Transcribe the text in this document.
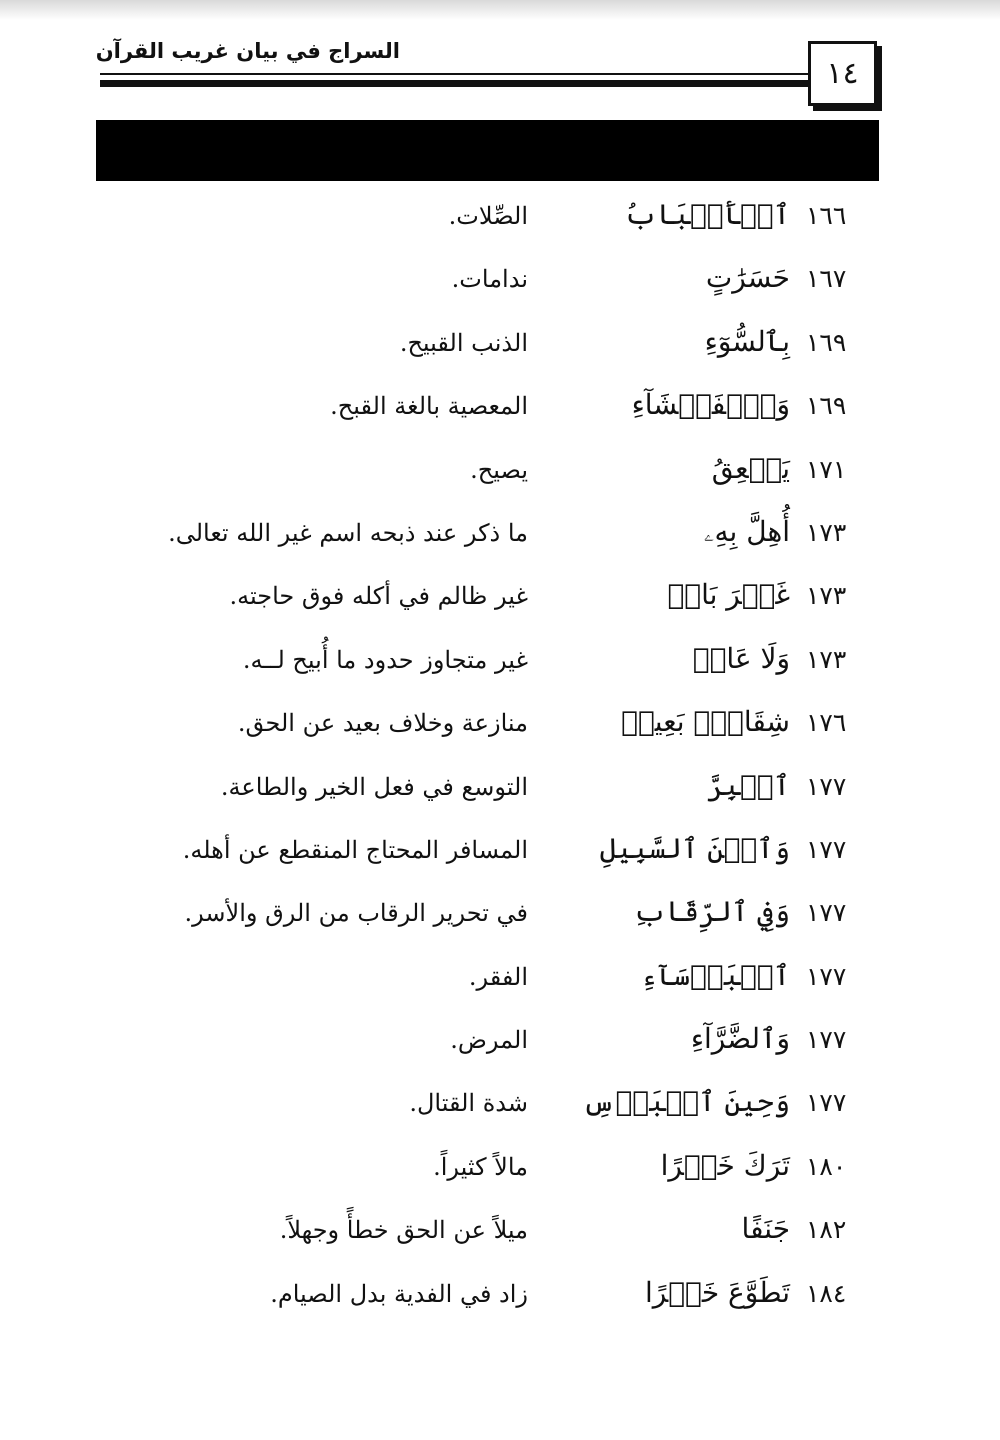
السراج في بيان غريب القرآن
١٤
١٦٦
ٱلۡأَسۡبَابُ
الصِّلات.
١٦٧
حَسَرَٰتٍ
ندامات.
١٦٩
بِٱلسُّوٓءِ
الذنب القبيح.
١٦٩
وَٱلۡفَحۡشَآءِ
المعصية بالغة القبح.
١٧١
يَنۡعِقُ
يصيح.
١٧٣
أُهِلَّ بِهِۦ
ما ذكر عند ذبحه اسم غير الله تعالى.
١٧٣
غَيۡرَ بَاغٖ
غير ظالم في أكله فوق حاجته.
١٧٣
وَلَا عَادٖ
غير متجاوز حدود ما أُبيح لــه.
١٧٦
شِقَاقِۭ بَعِيدٖ
منازعة وخلاف بعيد عن الحق.
١٧٧
ٱلۡبِرَّ
التوسع في فعل الخير والطاعة.
١٧٧
وَٱبۡنَ ٱلسَّبِيلِ
المسافر المحتاج المنقطع عن أهله.
١٧٧
وَفِي ٱلرِّقَابِ
في تحرير الرقاب من الرق والأسر.
١٧٧
ٱلۡبَأۡسَآءِ
الفقر.
١٧٧
وَٱلضَّرَّآءِ
المرض.
١٧٧
وَحِينَ ٱلۡبَأۡسِ
شدة القتال.
١٨٠
تَرَكَ خَيۡرًا
مالاً كثيراً.
١٨٢
جَنَفًا
ميلاً عن الحق خطأً وجهلاً.
١٨٤
تَطَوَّعَ خَيۡرًا
زاد في الفدية بدل الصيام.
